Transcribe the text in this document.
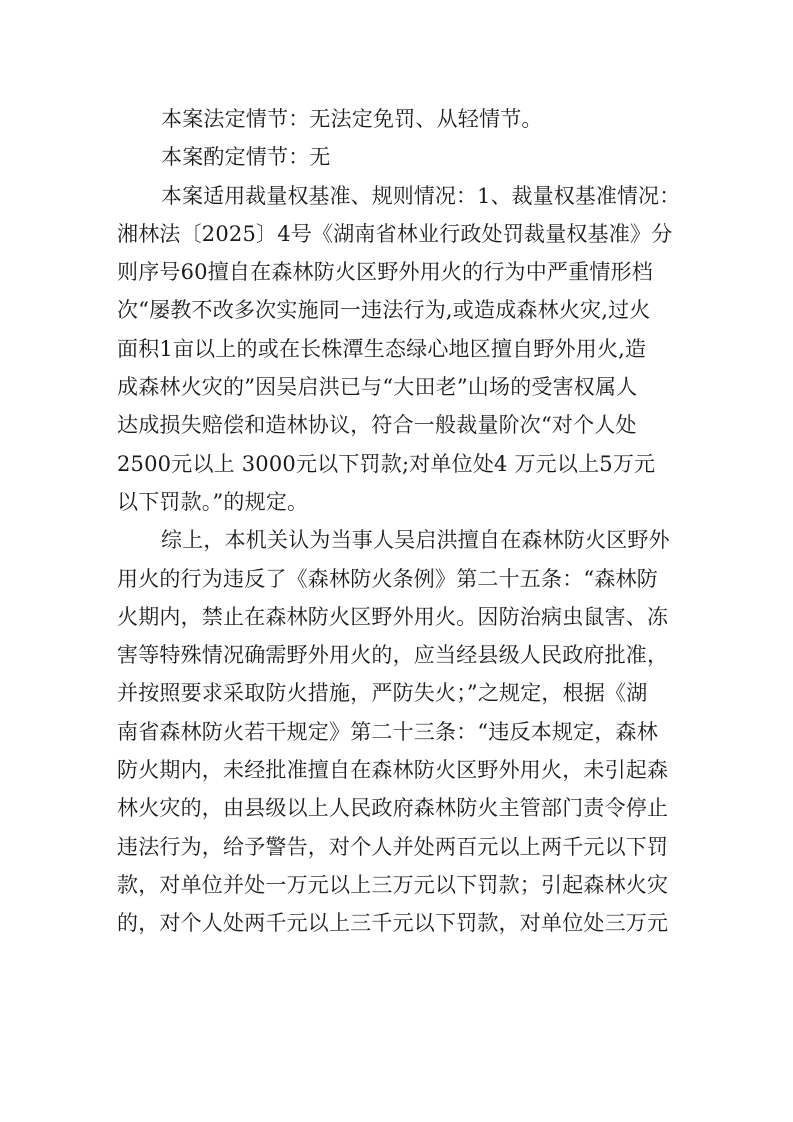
本案法定情节：无法定免罚、从轻情节。
本案酌定情节：无
本案适用裁量权基准、规则情况：1、裁量权基准情况：
湘林法〔2025〕4号《湖南省林业行政处罚裁量权基准》分
则序号60擅自在森林防火区野外用火的行为中严重情形档
次“屡教不改多次实施同一违法行为,或造成森林火灾,过火
面积1亩以上的或在长株潭生态绿心地区擅自野外用火,造
成森林火灾的”因吴启洪已与“大田老”山场的受害权属人
达成损失赔偿和造林协议，符合一般裁量阶次“对个人处
2500元以上 3000元以下罚款;对单位处4 万元以上5万元
以下罚款。”的规定。
综上，本机关认为当事人吴启洪擅自在森林防火区野外
用火的行为违反了《森林防火条例》第二十五条：“森林防
火期内，禁止在森林防火区野外用火。因防治病虫鼠害、冻
害等特殊情况确需野外用火的，应当经县级人民政府批准，
并按照要求采取防火措施，严防失火；”之规定，根据《湖
南省森林防火若干规定》第二十三条：“违反本规定，森林
防火期内，未经批准擅自在森林防火区野外用火，未引起森
林火灾的，由县级以上人民政府森林防火主管部门责令停止
违法行为，给予警告，对个人并处两百元以上两千元以下罚
款，对单位并处一万元以上三万元以下罚款；引起森林火灾
的，对个人处两千元以上三千元以下罚款，对单位处三万元
